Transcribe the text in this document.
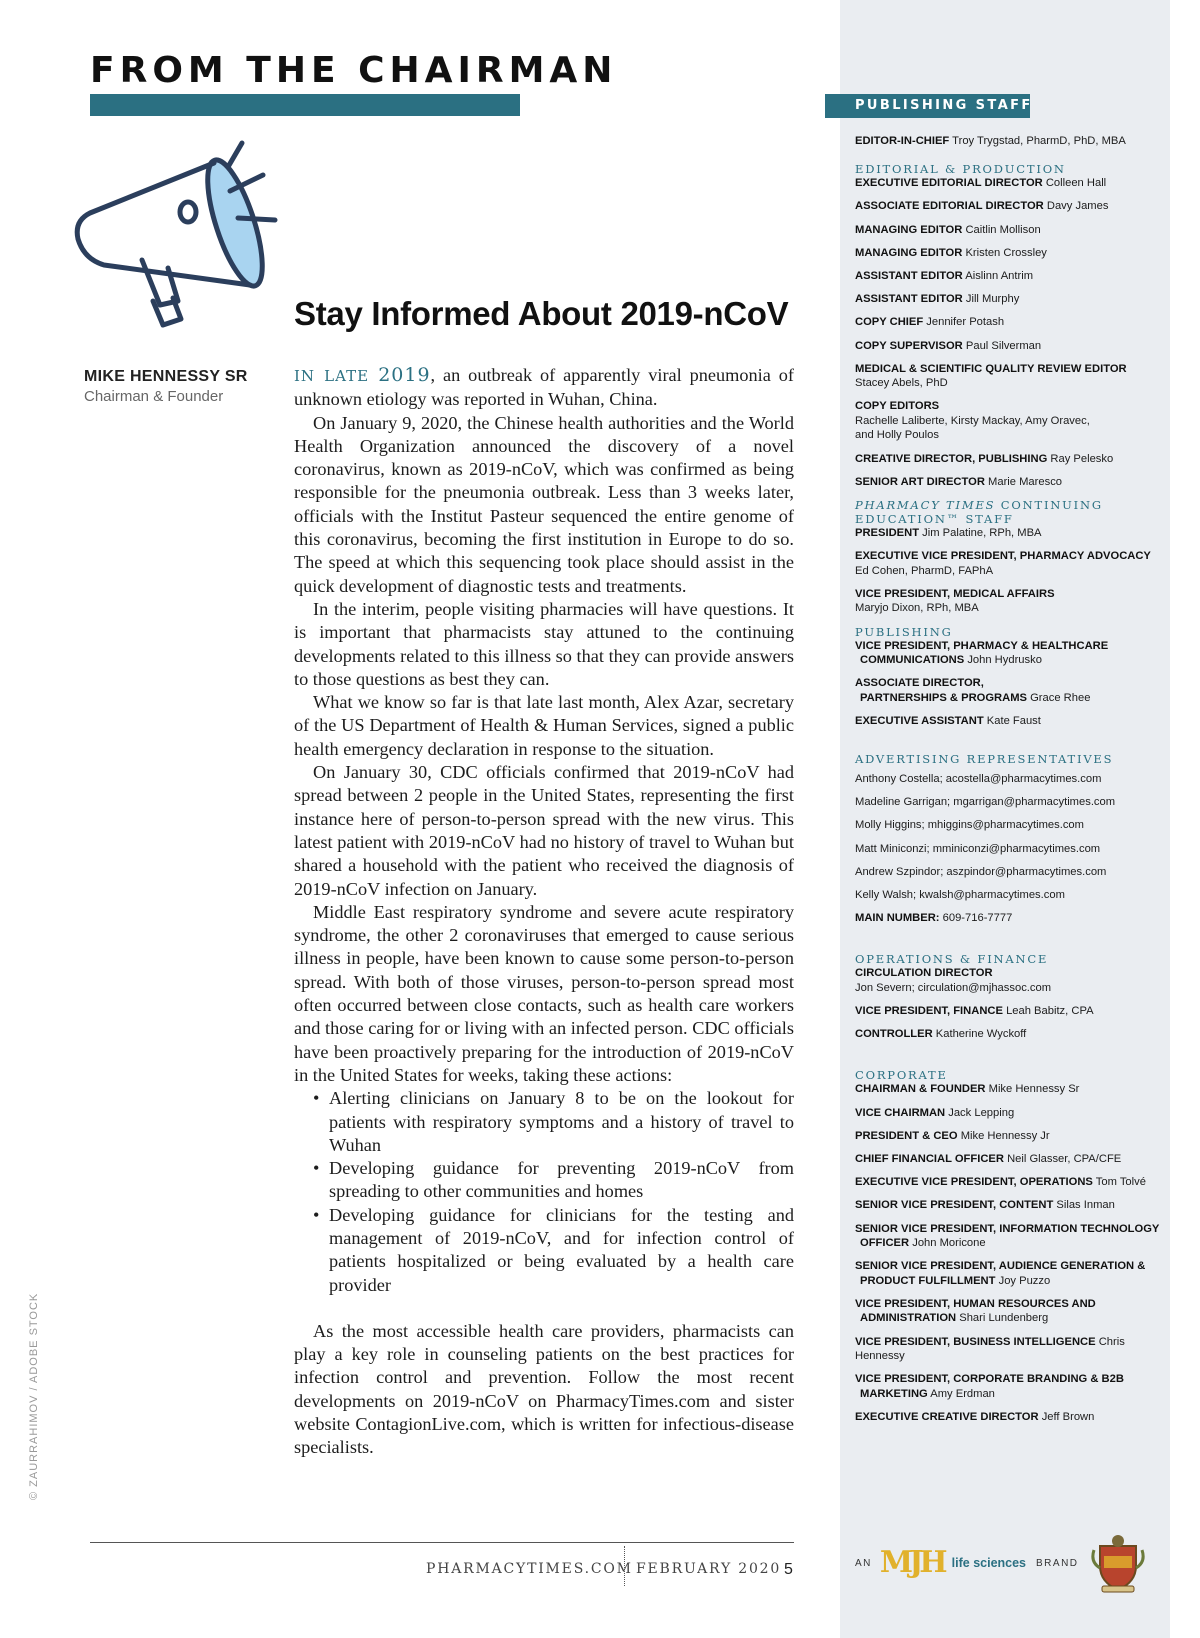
FROM THE CHAIRMAN
MIKE HENNESSY SR
Chairman & Founder
Stay Informed About 2019-nCoV

IN LATE 2019, an outbreak of apparently viral pneumonia of unknown etiology was reported in Wuhan, China.

On January 9, 2020, the Chinese health authorities and the World Health Organization announced the discovery of a novel coronavirus, known as 2019-nCoV, which was confirmed as being responsible for the pneumonia outbreak. Less than 3 weeks later, officials with the Institut Pasteur sequenced the entire genome of this coronavirus, becoming the first institution in Europe to do so. The speed at which this sequencing took place should assist in the quick development of diagnostic tests and treatments.

In the interim, people visiting pharmacies will have questions. It is important that pharmacists stay attuned to the continuing developments related to this illness so that they can provide answers to those questions as best they can.

What we know so far is that late last month, Alex Azar, secretary of the US Department of Health & Human Services, signed a public health emergency declaration in response to the situation.

On January 30, CDC officials confirmed that 2019-nCoV had spread between 2 people in the United States, representing the first instance here of person-to-person spread with the new virus. This latest patient with 2019-nCoV had no history of travel to Wuhan but shared a household with the patient who received the diagnosis of 2019-nCoV infection on January.

Middle East respiratory syndrome and severe acute respiratory syndrome, the other 2 coronaviruses that emerged to cause serious illness in people, have been known to cause some person-to-person spread. With both of those viruses, person-to-person spread most often occurred between close contacts, such as health care workers and those caring for or living with an infected person. CDC officials have been proactively preparing for the introduction of 2019-nCoV in the United States for weeks, taking these actions:

• Alerting clinicians on January 8 to be on the lookout for patients with respiratory symptoms and a history of travel to Wuhan
• Developing guidance for preventing 2019-nCoV from spreading to other communities and homes
• Developing guidance for clinicians for the testing and management of 2019-nCoV, and for infection control of patients hospitalized or being evaluated by a health care provider

As the most accessible health care providers, pharmacists can play a key role in counseling patients on the best practices for infection control and prevention. Follow the most recent developments on 2019-nCoV on PharmacyTimes.com and sister website ContagionLive.com, which is written for infectious-disease specialists.

PHARMACYTIMES.COM FEBRUARY 2020 5
© ZAURRAHIMOV / ADOBE STOCK
PUBLISHING STAFF
EDITOR-IN-CHIEF Troy Trygstad, PharmD, PhD, MBA
EDITORIAL & PRODUCTION
EXECUTIVE EDITORIAL DIRECTOR Colleen Hall
ASSOCIATE EDITORIAL DIRECTOR Davy James
MANAGING EDITOR Caitlin Mollison
MANAGING EDITOR Kristen Crossley
ASSISTANT EDITOR Aislinn Antrim
ASSISTANT EDITOR Jill Murphy
COPY CHIEF Jennifer Potash
COPY SUPERVISOR Paul Silverman
MEDICAL & SCIENTIFIC QUALITY REVIEW EDITOR
Stacey Abels, PhD
COPY EDITORS
Rachelle Laliberte, Kirsty Mackay, Amy Oravec,
and Holly Poulos
CREATIVE DIRECTOR, PUBLISHING Ray Pelesko
SENIOR ART DIRECTOR Marie Maresco
PHARMACY TIMES CONTINUING EDUCATION™ STAFF
PRESIDENT Jim Palatine, RPh, MBA
EXECUTIVE VICE PRESIDENT, PHARMACY ADVOCACY
Ed Cohen, PharmD, FAPhA
VICE PRESIDENT, MEDICAL AFFAIRS
Maryjo Dixon, RPh, MBA
PUBLISHING
VICE PRESIDENT, PHARMACY & HEALTHCARE
COMMUNICATIONS John Hydrusko
ASSOCIATE DIRECTOR,
PARTNERSHIPS & PROGRAMS Grace Rhee
EXECUTIVE ASSISTANT Kate Faust
ADVERTISING REPRESENTATIVES
Anthony Costella; acostella@pharmacytimes.com
Madeline Garrigan; mgarrigan@pharmacytimes.com
Molly Higgins; mhiggins@pharmacytimes.com
Matt Miniconzi; mminiconzi@pharmacytimes.com
Andrew Szpindor; aszpindor@pharmacytimes.com
Kelly Walsh; kwalsh@pharmacytimes.com
MAIN NUMBER: 609-716-7777
OPERATIONS & FINANCE
CIRCULATION DIRECTOR
Jon Severn; circulation@mjhassoc.com
VICE PRESIDENT, FINANCE Leah Babitz, CPA
CONTROLLER Katherine Wyckoff
CORPORATE
CHAIRMAN & FOUNDER Mike Hennessy Sr
VICE CHAIRMAN Jack Lepping
PRESIDENT & CEO Mike Hennessy Jr
CHIEF FINANCIAL OFFICER Neil Glasser, CPA/CFE
EXECUTIVE VICE PRESIDENT, OPERATIONS Tom Tolvé
SENIOR VICE PRESIDENT, CONTENT Silas Inman
SENIOR VICE PRESIDENT, INFORMATION TECHNOLOGY
OFFICER John Moricone
SENIOR VICE PRESIDENT, AUDIENCE GENERATION &
PRODUCT FULFILLMENT Joy Puzzo
VICE PRESIDENT, HUMAN RESOURCES AND
ADMINISTRATION Shari Lundenberg
VICE PRESIDENT, BUSINESS INTELLIGENCE Chris Hennessy
VICE PRESIDENT, CORPORATE BRANDING & B2B
MARKETING Amy Erdman
EXECUTIVE CREATIVE DIRECTOR Jeff Brown
AN MJH life sciences BRAND
